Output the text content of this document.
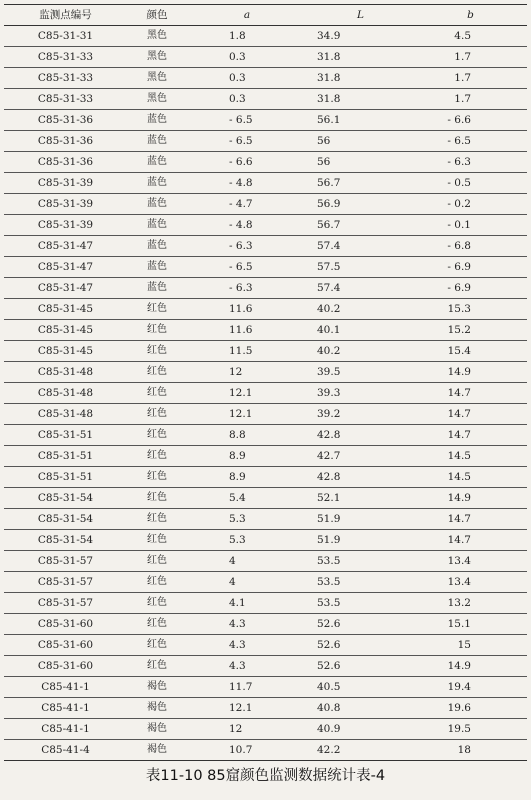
监测点编号	颜色	a	L	b
C85-31-31	黑色	1.8	34.9	4.5
C85-31-33	黑色	0.3	31.8	1.7
C85-31-33	黑色	0.3	31.8	1.7
C85-31-33	黑色	0.3	31.8	1.7
C85-31-36	蓝色	- 6.5	56.1	- 6.6
C85-31-36	蓝色	- 6.5	56	- 6.5
C85-31-36	蓝色	- 6.6	56	- 6.3
C85-31-39	蓝色	- 4.8	56.7	- 0.5
C85-31-39	蓝色	- 4.7	56.9	- 0.2
C85-31-39	蓝色	- 4.8	56.7	- 0.1
C85-31-47	蓝色	- 6.3	57.4	- 6.8
C85-31-47	蓝色	- 6.5	57.5	- 6.9
C85-31-47	蓝色	- 6.3	57.4	- 6.9
C85-31-45	红色	11.6	40.2	15.3
C85-31-45	红色	11.6	40.1	15.2
C85-31-45	红色	11.5	40.2	15.4
C85-31-48	红色	12	39.5	14.9
C85-31-48	红色	12.1	39.3	14.7
C85-31-48	红色	12.1	39.2	14.7
C85-31-51	红色	8.8	42.8	14.7
C85-31-51	红色	8.9	42.7	14.5
C85-31-51	红色	8.9	42.8	14.5
C85-31-54	红色	5.4	52.1	14.9
C85-31-54	红色	5.3	51.9	14.7
C85-31-54	红色	5.3	51.9	14.7
C85-31-57	红色	4	53.5	13.4
C85-31-57	红色	4	53.5	13.4
C85-31-57	红色	4.1	53.5	13.2
C85-31-60	红色	4.3	52.6	15.1
C85-31-60	红色	4.3	52.6	15
C85-31-60	红色	4.3	52.6	14.9
C85-41-1	褐色	11.7	40.5	19.4
C85-41-1	褐色	12.1	40.8	19.6
C85-41-1	褐色	12	40.9	19.5
C85-41-4	褐色	10.7	42.2	18
表11-10 85窟颜色监测数据统计表-4
